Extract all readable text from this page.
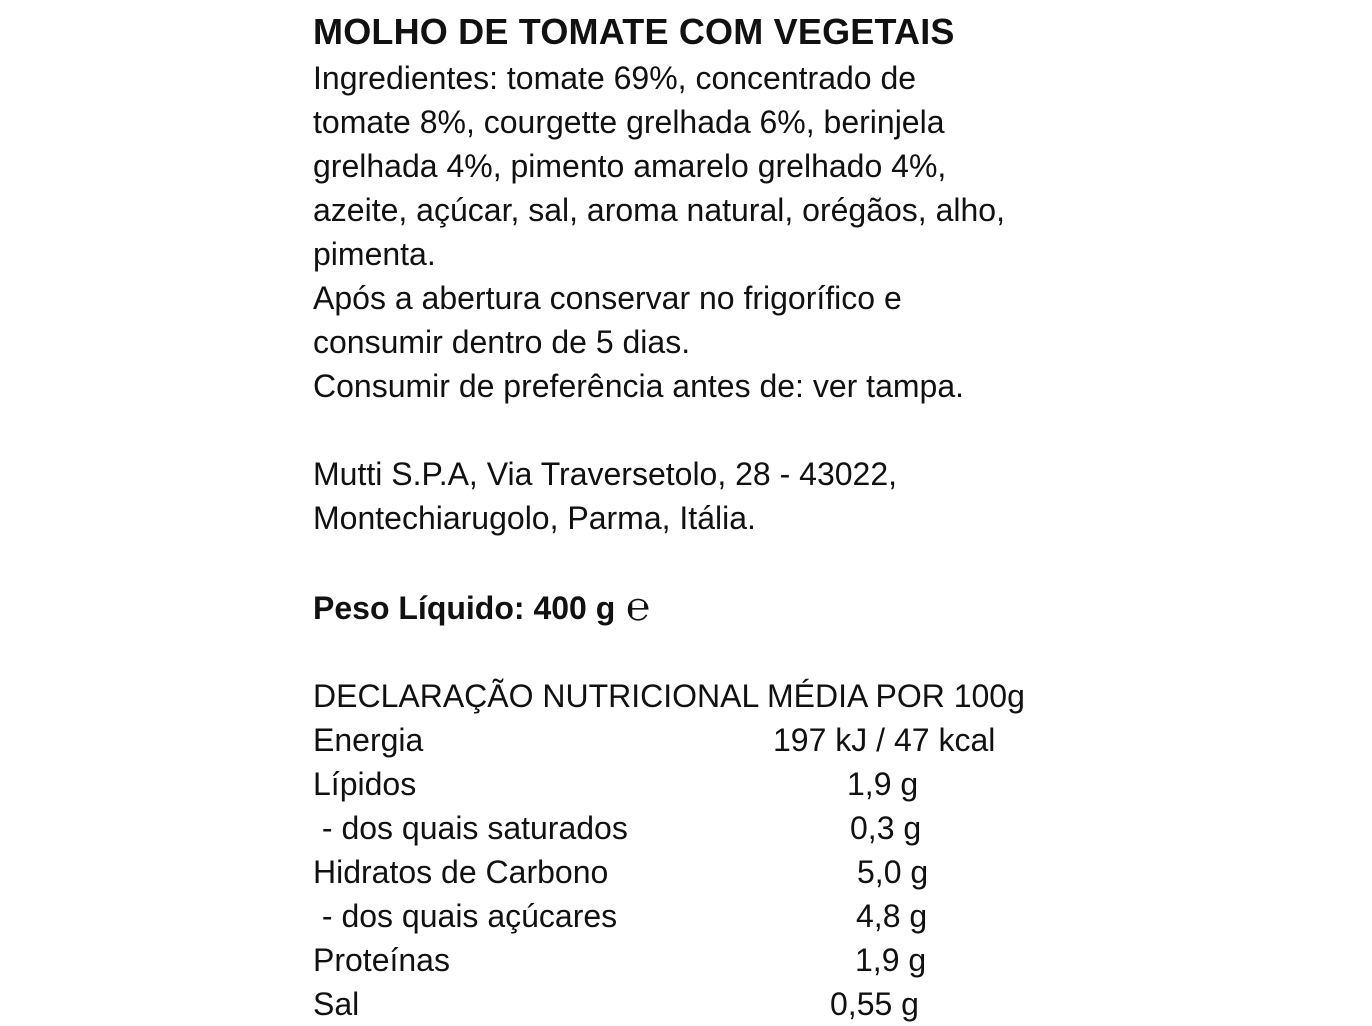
MOLHO DE TOMATE COM VEGETAIS
Ingredientes: tomate 69%, concentrado de
tomate 8%, courgette grelhada 6%, berinjela
grelhada 4%, pimento amarelo grelhado 4%,
azeite, açúcar, sal, aroma natural, orégãos, alho,
pimenta.
Após a abertura conservar no frigorífico e
consumir dentro de 5 dias.
Consumir de preferência antes de: ver tampa.
Mutti S.P.A, Via Traversetolo, 28 - 43022,
Montechiarugolo, Parma, Itália.
Peso Líquido: 400 g ℮
DECLARAÇÃO NUTRICIONAL MÉDIA POR 100g
Energia	197 kJ / 47 kcal
Lípidos	1,9 g
- dos quais saturados	0,3 g
Hidratos de Carbono	5,0 g
- dos quais açúcares	4,8 g
Proteínas	1,9 g
Sal	0,55 g
